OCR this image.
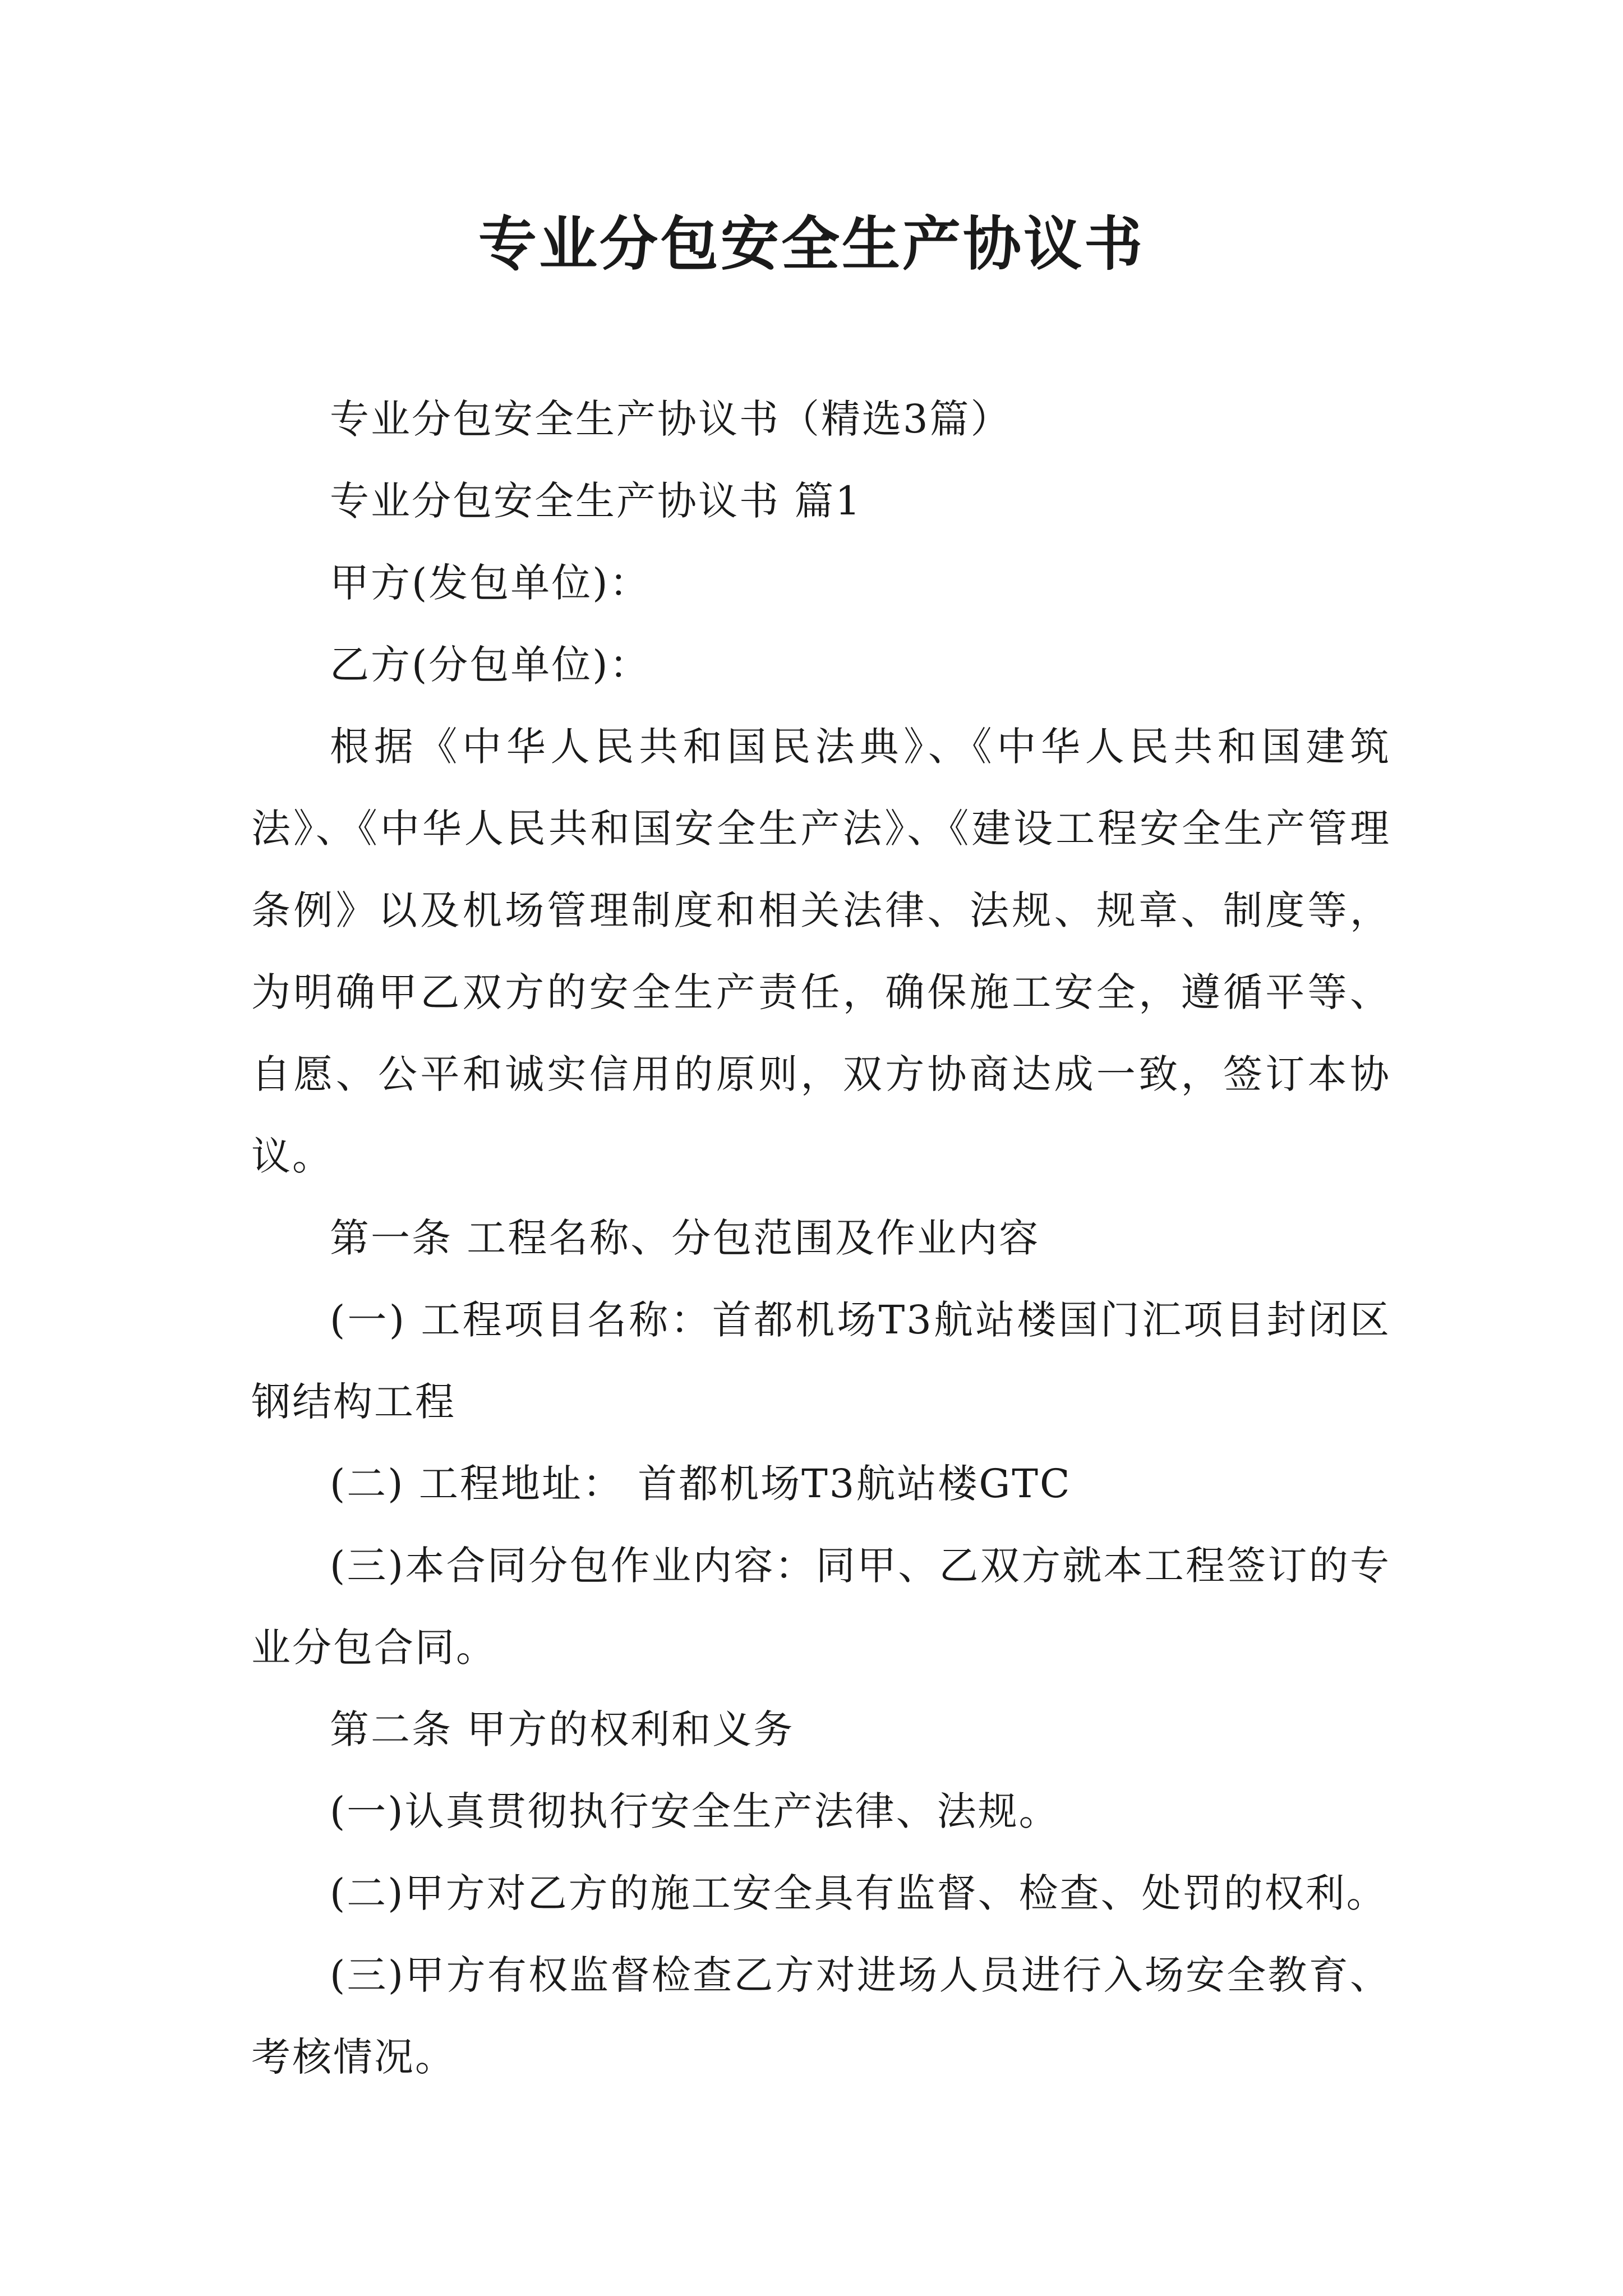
专业分包安全生产协议书

专业分包安全生产协议书（精选3篇）

专业分包安全生产协议书 篇1

甲方(发包单位)：

乙方(分包单位)：

根据《中华人民共和国民法典》、《中华人民共和国建筑法》、《中华人民共和国安全生产法》、《建设工程安全生产管理条例》以及机场管理制度和相关法律、法规、规章、制度等，为明确甲乙双方的安全生产责任，确保施工安全，遵循平等、自愿、公平和诚实信用的原则，双方协商达成一致，签订本协议。

第一条 工程名称、分包范围及作业内容

(一) 工程项目名称：首都机场T3航站楼国门汇项目封闭区钢结构工程

(二) 工程地址： 首都机场T3航站楼GTC

(三)本合同分包作业内容：同甲、乙双方就本工程签订的专业分包合同。

第二条 甲方的权利和义务

(一)认真贯彻执行安全生产法律、法规。

(二)甲方对乙方的施工安全具有监督、检查、处罚的权利。

(三)甲方有权监督检查乙方对进场人员进行入场安全教育、考核情况。
